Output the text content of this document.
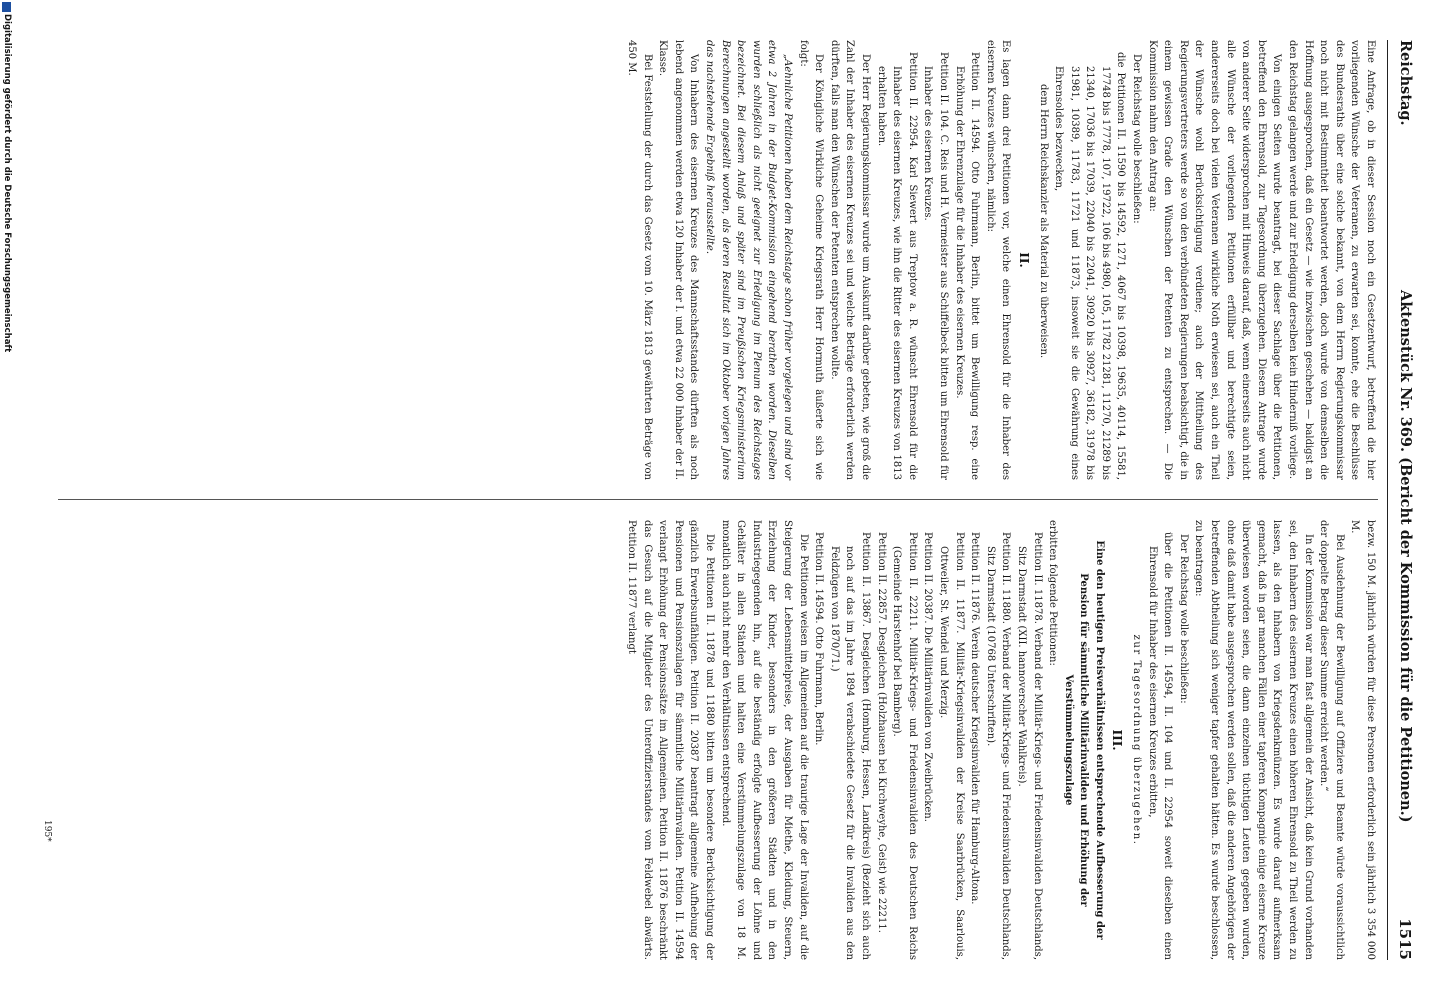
Reichstag.
Aktenstück Nr. 369. (Bericht der Kommission für die Petitionen.)
1515

Eine Anfrage, ob in dieser Session noch ein Gesetzentwurf, betreffend die hier vorliegenden Wünsche der Veteranen, zu erwarten sei, konnte, ehe die Beschlüsse des Bundesraths über eine solche bekannt, von dem Herrn Regierungskommissar noch nicht mit Bestimmtheit beantwortet werden, doch wurde von demselben die Hoffnung ausgesprochen, daß ein Gesetz — wie inzwischen geschehen — baldigst an den Reichstag gelangen werde und zur Erledigung derselben kein Hinderniß vorliege.

Von einigen Seiten wurde beantragt, bei dieser Sachlage über die Petitionen, betreffend den Ehrensold, zur Tagesordnung überzugehen. Diesem Antrage wurde von anderer Seite widersprochen mit Hinweis darauf, daß, wenn einerseits auch nicht alle Wünsche der vorliegenden Petitionen erfüllbar und berechtigte seien, andererseits doch bei vielen Veteranen wirkliche Noth erwiesen sei, auch ein Theil der Wünsche wohl Berücksichtigung verdiene; auch der Mittheilung des Regierungsvertreters werde so von den verbündeten Regierungen beabsichtigt, die in einem gewissen Grade den Wünschen der Petenten zu entsprechen. — Die Kommission nahm den Antrag an:

Der Reichstag wolle beschließen:

die Petitionen II. 11590 bis 14592, 1271, 4067 bis 10398, 19635, 40114, 15581, 17748 bis 17778, 107, 19722, 106 bis 4980, 105, 11782 21281, 11270, 21289 bis 21340, 17036 bis 17039, 22040 bis 22041, 30920 bis 30927, 36182, 31978 bis 31981, 10389, 11783, 11721 und 11873, insoweit sie die Gewährung eines Ehrensoldes bezwecken,

dem Herrn Reichskanzler als Material zu überweisen.

II.

Es lagen dann drei Petitionen vor, welche einen Ehrensold für die Inhaber des eisernen Kreuzes wünschen, nämlich:

Petition II. 14594. Otto Fuhrmann, Berlin, bittet um Bewilligung resp. eine Erhöhung der Ehrenzulage für die Inhaber des eisernen Kreuzes.

Petition II. 104. C. Reis und H. Vermeister aus Schiffelbeck bitten um Ehrensold für Inhaber des eisernen Kreuzes.

Petition II. 22954. Karl Siewert aus Treptow a. R. wünscht Ehrensold für die Inhaber des eisernen Kreuzes, wie ihn die Ritter des eisernen Kreuzes von 1813 erhalten haben.

Der Herr Regierungskommissar wurde um Auskunft darüber gebeten, wie groß die Zahl der Inhaber des eisernen Kreuzes sei und welche Beträge erforderlich werden dürften, falls man den Wünschen der Petenten entsprechen wollte.

Der Königliche Wirkliche Geheime Kriegsrath Herr Hormuth äußerte sich wie folgt:

„Aehnliche Petitionen haben dem Reichstage schon früher vorgelegen und sind vor etwa 2 Jahren in der Budget-Kommission eingehend berathen worden. Dieselben wurden schließlich als nicht geeignet zur Erledigung im Plenum des Reichstages bezeichnet. Bei diesem Anlaß und später sind im Preußischen Kriegsministerium Berechnungen angestellt worden, als deren Resultat sich im Oktober vorigen Jahres das nachstehende Ergebniß herausstellte.

Von Inhabern des eisernen Kreuzes des Mannschaftsstandes dürften als noch lebend angenommen werden etwa 120 Inhaber der I. und etwa 22 000 Inhaber der II. Klasse.

Bei Feststellung der durch das Gesetz vom 10. März 1813 gewährten Beträge von 450 M.

bezw. 150 M. jährlich würden für diese Personen erforderlich sein jährlich 3 354 000 M.

Bei Ausdehnung der Bewilligung auf Offiziere und Beamte würde voraussichtlich der doppelte Betrag dieser Summe erreicht werden.“

In der Kommission war man fast allgemein der Ansicht, daß kein Grund vorhanden sei, den Inhabern des eisernen Kreuzes einen höheren Ehrensold zu Theil werden zu lassen, als den Inhabern von Kriegsdenkmünzen. Es wurde darauf aufmerksam gemacht, daß in gar manchen Fällen einer tapferen Kompagnie einige eiserne Kreuze überwiesen worden seien, die dann einzelnen tüchtigen Leuten gegeben wurden, ohne daß damit habe ausgesprochen werden sollen, daß die anderen Angehörigen der betreffenden Abtheilung sich weniger tapfer gehalten hätten. Es wurde beschlossen, zu beantragen:

Der Reichstag wolle beschließen:

über die Petitionen II. 14594, II. 104 und II. 22954 soweit dieselben einen Ehrensold für Inhaber des eisernen Kreuzes erbitten,

zur Tagesordnung überzugehen.

III.

Eine den heutigen Preisverhältnissen entsprechende Aufbesserung der Pension für sämmtliche Militärinvaliden und Erhöhung der Verstümmelungszulage

erbitten folgende Petitionen:

Petition II. 11878. Verband der Militär-Kriegs- und Friedensinvaliden Deutschlands, Sitz Darmstadt (XII. hannoverscher Wahlkreis).

Petition II. 11880. Verband der Militär-Kriegs- und Friedensinvaliden Deutschlands, Sitz Darmstadt (10768 Unterschriften).

Petition II. 11876. Verein deutscher Kriegsinvaliden für Hamburg-Altona.

Petition II. 11877. Militär-Kriegsinvaliden der Kreise Saarbrücken, Saarlouis, Ottweiler, St. Wendel und Merzig.

Petition II. 20387. Die Militärinvaliden von Zweibrücken.

Petition II. 22211. Militär-Kriegs- und Friedensinvaliden des Deutschen Reichs (Gemeinde Harstenhof bei Bamberg).

Petition II. 22857. Desgleichen (Holzhausen bei Kirchweyhe, Geist) wie 22211.

Petition II. 13867. Desgleichen (Homburg, Hessen, Landkreis) (Bezieht sich auch noch auf das im Jahre 1894 verabschiedete Gesetz für die Invaliden aus den Feldzügen von 1870/71.)

Petition II. 14594. Otto Fuhrmann, Berlin.

Die Petitionen weisen im Allgemeinen auf die traurige Lage der Invaliden, auf die Steigerung der Lebensmittelpreise, der Ausgaben für Miethe, Kleidung, Steuern, Erziehung der Kinder, besonders in den größeren Städten und in den Industriegegenden hin, auf die beständig erfolgte Aufbesserung der Löhne und Gehälter in allen Ständen und halten eine Verstümmelungszulage von 18 M. monatlich auch nicht mehr den Verhältnissen entsprechend.

Die Petitionen II. 11878 und 11880 bitten um besondere Berücksichtigung der gänzlich Erwerbsunfähigen. Petition II. 20387 beantragt allgemeine Aufhebung der Pensionen und Pensionszulagen für sämmtliche Militärinvaliden. Petition II. 14594 verlangt Erhöhung der Pensionssätze im Allgemeinen. Petition II. 11876 beschränkt das Gesuch auf die Mitglieder des Unteroffizierstandes vom Feldwebel abwärts. Petition II. 11877 verlangt

195*
Digitalisierung gefördert durch die Deutsche Forschungsgemeinschaft
